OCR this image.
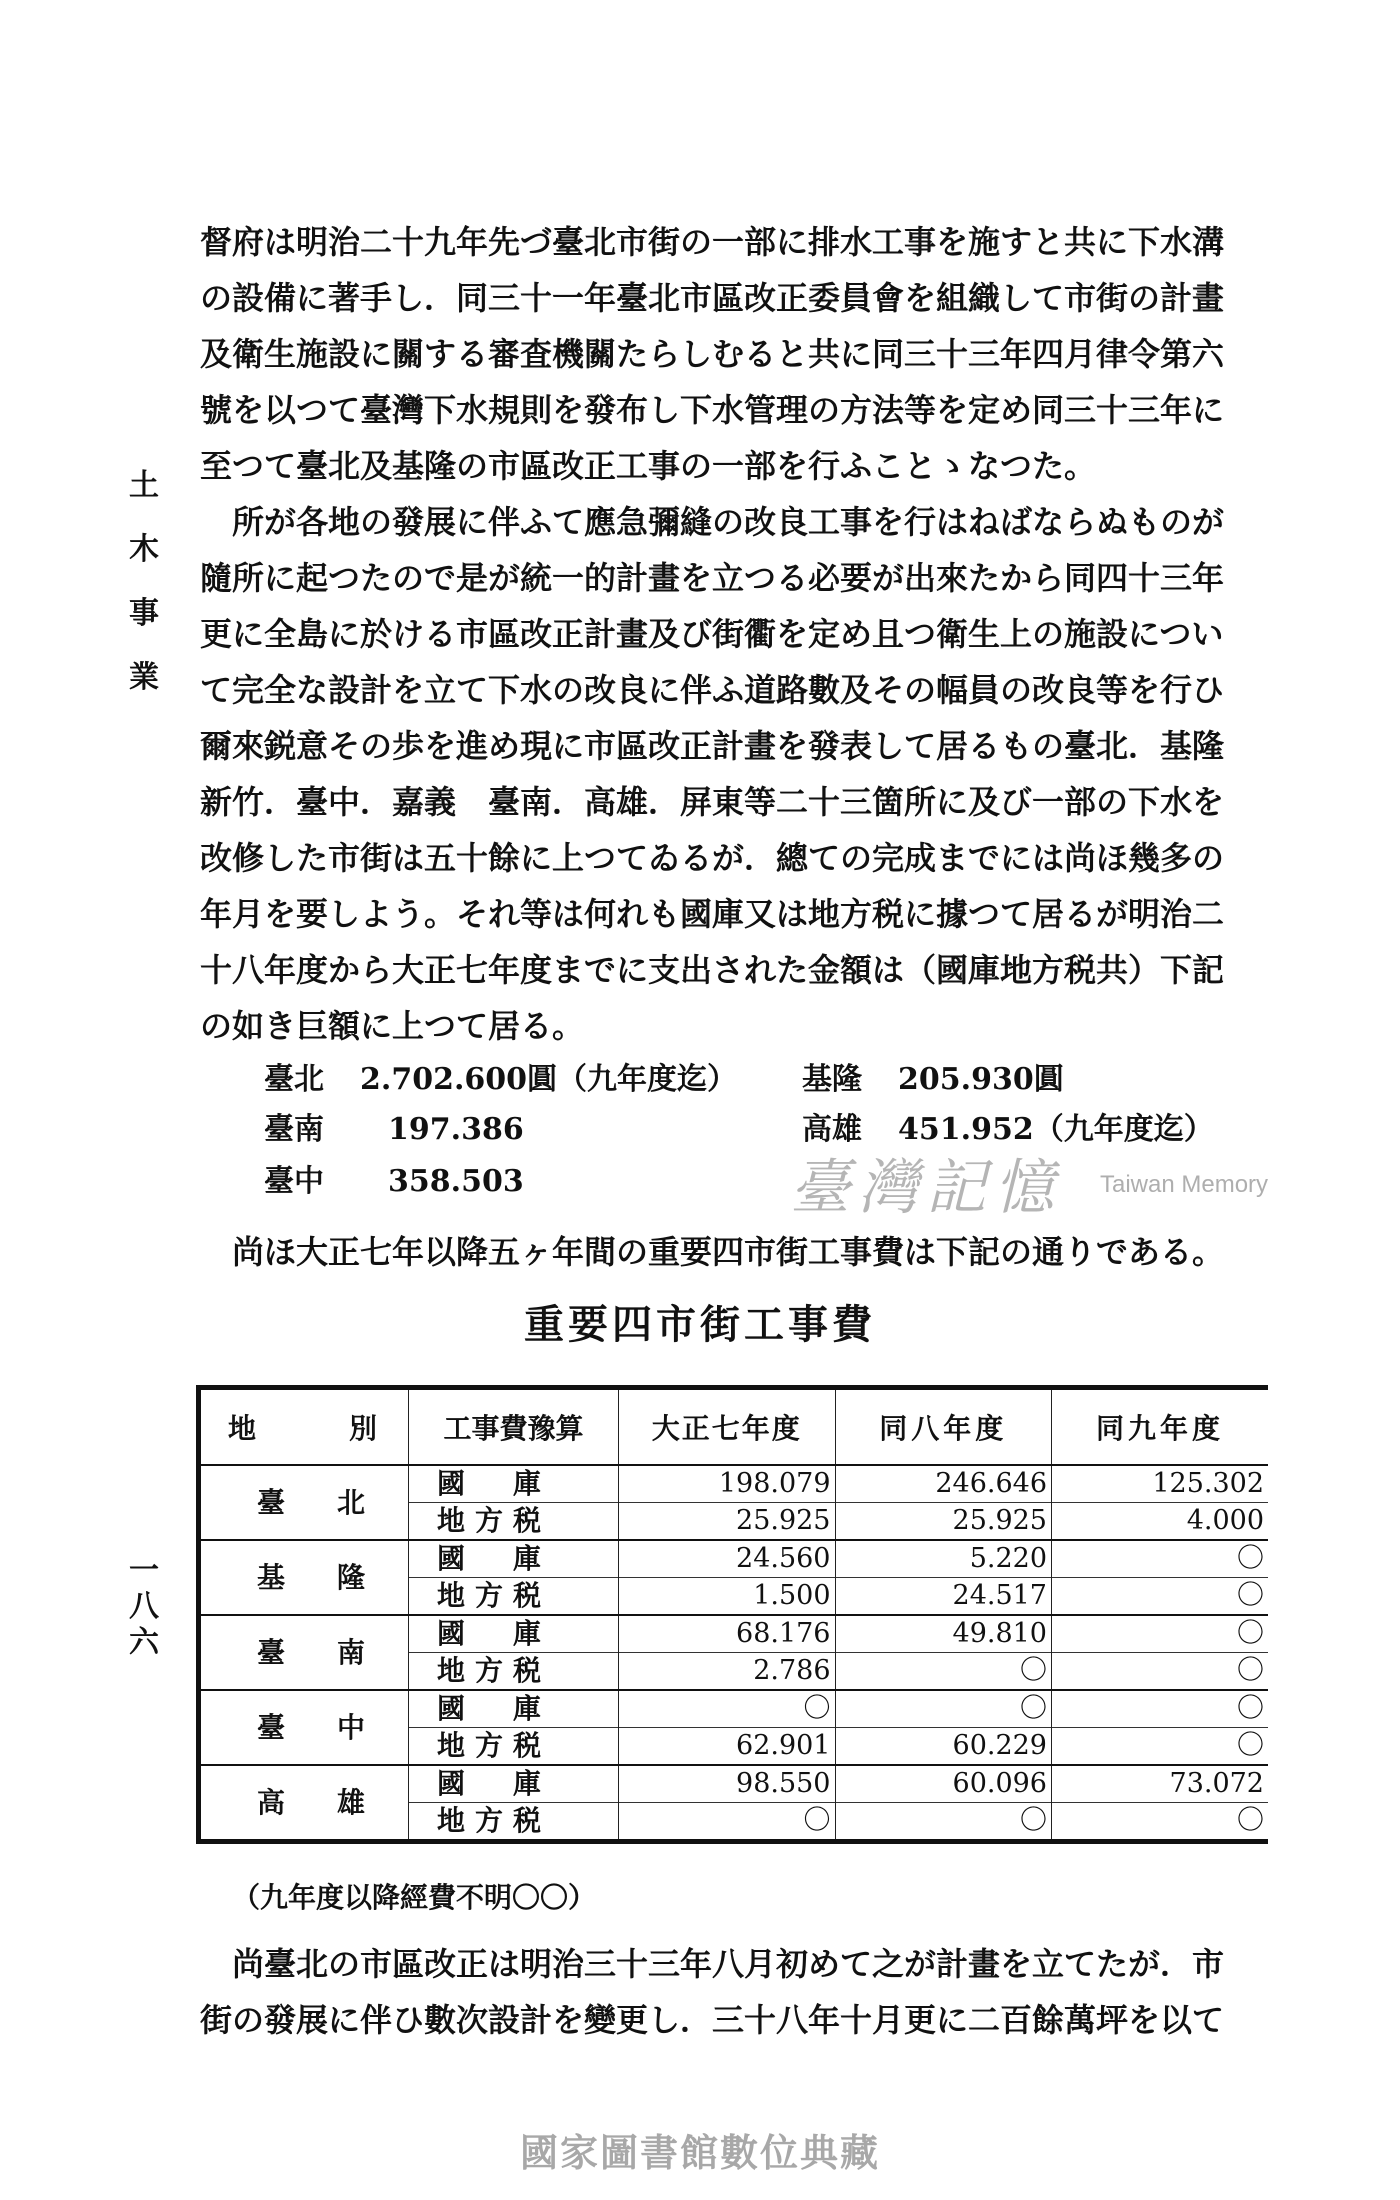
土
木
事
業
一
八
六
督府は明治二十九年先づ臺北市街の一部に排水工事を施すと共に下水溝
の設備に著手し．同三十一年臺北市區改正委員會を組織して市街の計畫
及衛生施設に關する審査機關たらしむると共に同三十三年四月律令第六
號を以つて臺灣下水規則を發布し下水管理の方法等を定め同三十三年に
至つて臺北及基隆の市區改正工事の一部を行ふことゝなつた。
所が各地の發展に伴ふて應急彌縫の改良工事を行はねばならぬものが
隨所に起つたので是が統一的計畫を立つる必要が出來たから同四十三年
更に全島に於ける市區改正計畫及び街衢を定め且つ衛生上の施設につい
て完全な設計を立て下水の改良に伴ふ道路數及その幅員の改良等を行ひ
爾來鋭意その歩を進め現に市區改正計畫を發表して居るもの臺北．基隆
新竹．臺中．嘉義　臺南．高雄．屏東等二十三箇所に及び一部の下水を
改修した市街は五十餘に上つてゐるが．總ての完成までには尚ほ幾多の
年月を要しよう。それ等は何れも國庫又は地方税に據つて居るが明治二
十八年度から大正七年度までに支出された金額は（國庫地方税共）下記
の如き巨額に上つて居る。
臺北 2.702.600圓（九年度迄） 基隆 205.930圓
臺南 197.386	高雄 451.952（九年度迄）
臺中 358.503	臺灣記憶 Taiwan Memory
尚ほ大正七年以降五ヶ年間の重要四市街工事費は下記の通りである。
重要四市街工事費
地 別	工事費豫算	大正七年度	同八年度	同九年度

臺 北	國　庫	198.079	246.646	125.302
	地方税	25.925	25.925	4.000

基 隆	國　庫	24.560	5.220	〇
	地方税	1.500	24.517	〇

臺 南	國　庫	68.176	49.810	〇
	地方税	2.786	〇	〇

臺 中	國　庫	〇	〇	〇
	地方税	62.901	60.229	〇

高 雄	國　庫	98.550	60.096	73.072
	地方税	〇	〇	〇
（九年度以降經費不明〇〇）
尚臺北の市區改正は明治三十三年八月初めて之が計畫を立てたが．市
街の發展に伴ひ數次設計を變更し．三十八年十月更に二百餘萬坪を以て
國家圖書館數位典藏
